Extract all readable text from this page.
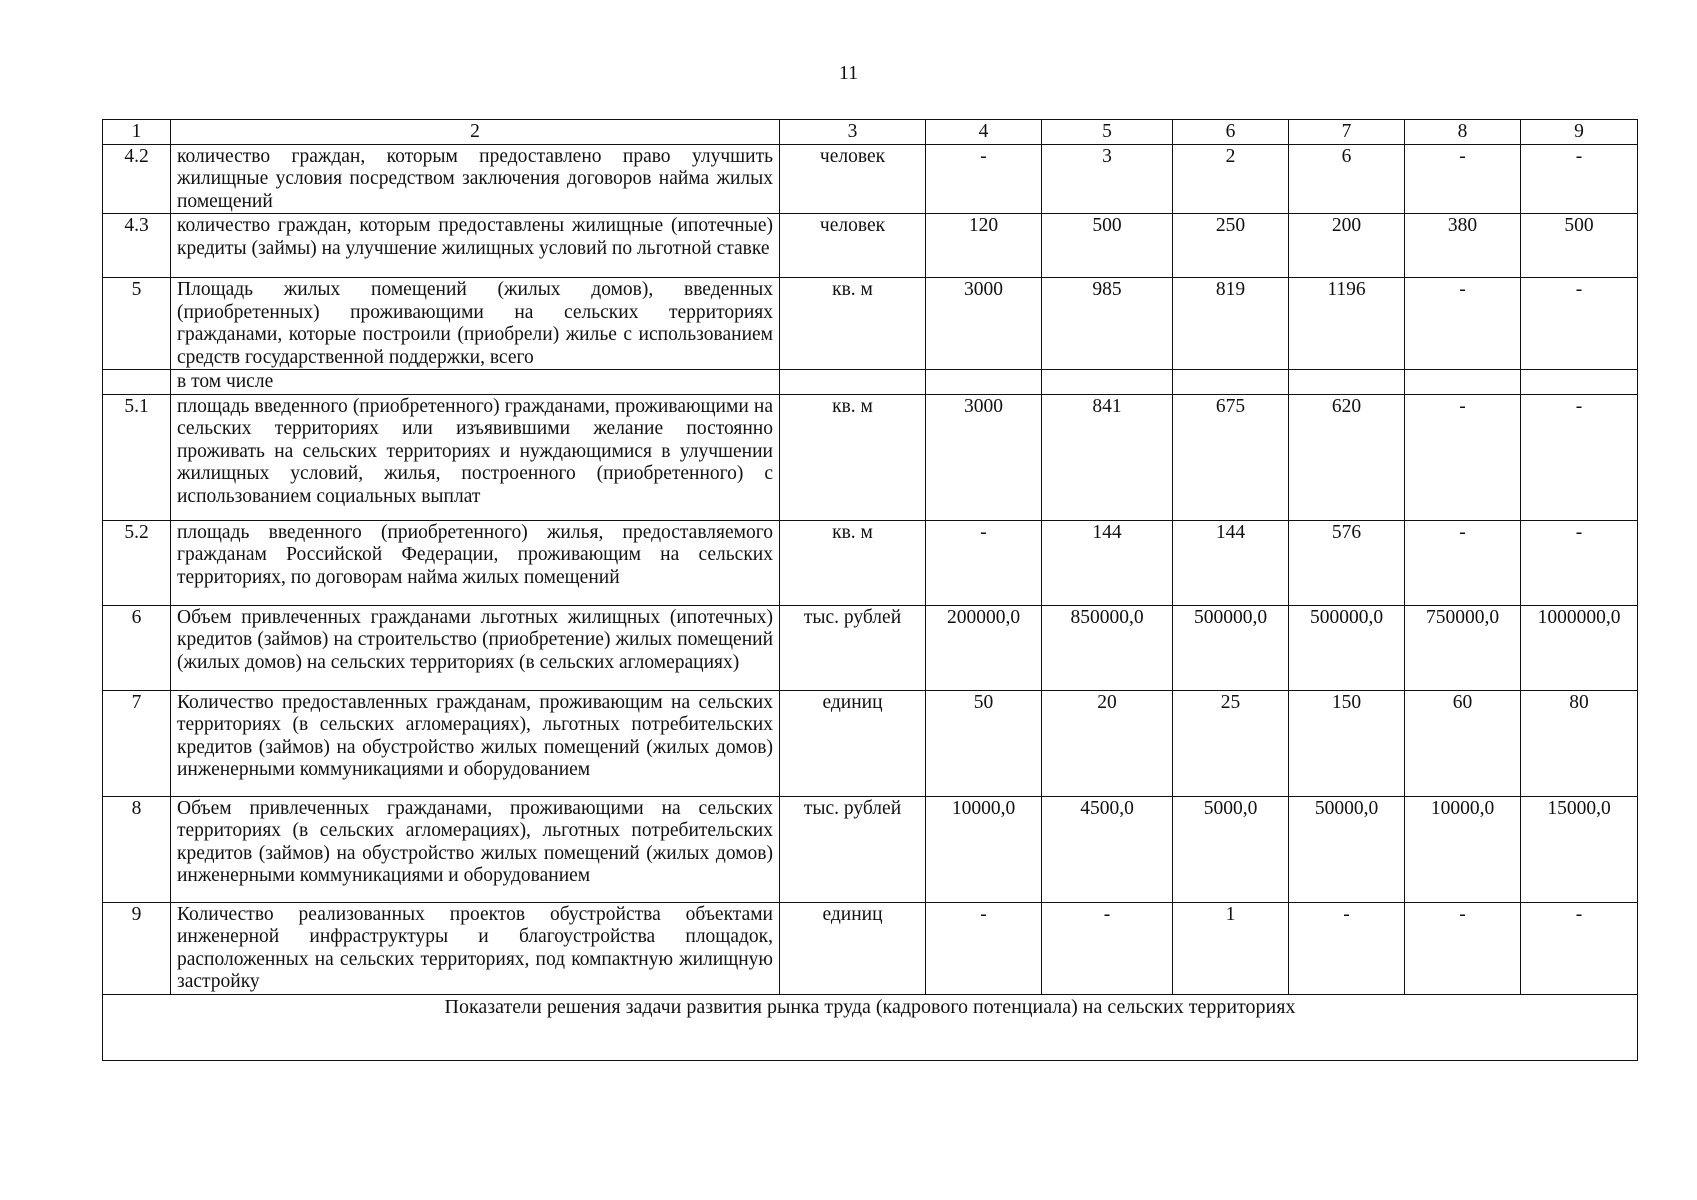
11
1	2	3	4	5	6	7	8	9
4.2	количество граждан, которым предоставлено право улучшить жилищные условия посредством заключения договоров найма жилых помещений	человек	-	3	2	6	-	-
4.3	количество граждан, которым предоставлены жилищные (ипотечные) кредиты (займы) на улучшение жилищных условий по льготной ставке	человек	120	500	250	200	380	500
5	Площадь жилых помещений (жилых домов), введенных (приобретенных) проживающими на сельских территориях гражданами, которые построили (приобрели) жилье с использованием средств государственной поддержки, всего	кв. м	3000	985	819	1196	-	-
	в том числе							
5.1	площадь введенного (приобретенного) гражданами, проживающими на сельских территориях или изъявившими желание постоянно проживать на сельских территориях и нуждающимися в улучшении жилищных условий, жилья, построенного (приобретенного) с использованием социальных выплат	кв. м	3000	841	675	620	-	-
5.2	площадь введенного (приобретенного) жилья, предоставляемого гражданам Российской Федерации, проживающим на сельских территориях, по договорам найма жилых помещений	кв. м	-	144	144	576	-	-
6	Объем привлеченных гражданами льготных жилищных (ипотечных) кредитов (займов) на строительство (приобретение) жилых помещений (жилых домов) на сельских территориях (в сельских агломерациях)	тыс. рублей	200000,0	850000,0	500000,0	500000,0	750000,0	1000000,0
7	Количество предоставленных гражданам, проживающим на сельских территориях (в сельских агломерациях), льготных потребительских кредитов (займов) на обустройство жилых помещений (жилых домов) инженерными коммуникациями и оборудованием	единиц	50	20	25	150	60	80
8	Объем привлеченных гражданами, проживающими на сельских территориях (в сельских агломерациях), льготных потребительских кредитов (займов) на обустройство жилых помещений (жилых домов) инженерными коммуникациями и оборудованием	тыс. рублей	10000,0	4500,0	5000,0	50000,0	10000,0	15000,0
9	Количество реализованных проектов обустройства объектами инженерной инфраструктуры и благоустройства площадок, расположенных на сельских территориях, под компактную жилищную застройку	единиц	-	-	1	-	-	-
Показатели решения задачи развития рынка труда (кадрового потенциала) на сельских территориях								
